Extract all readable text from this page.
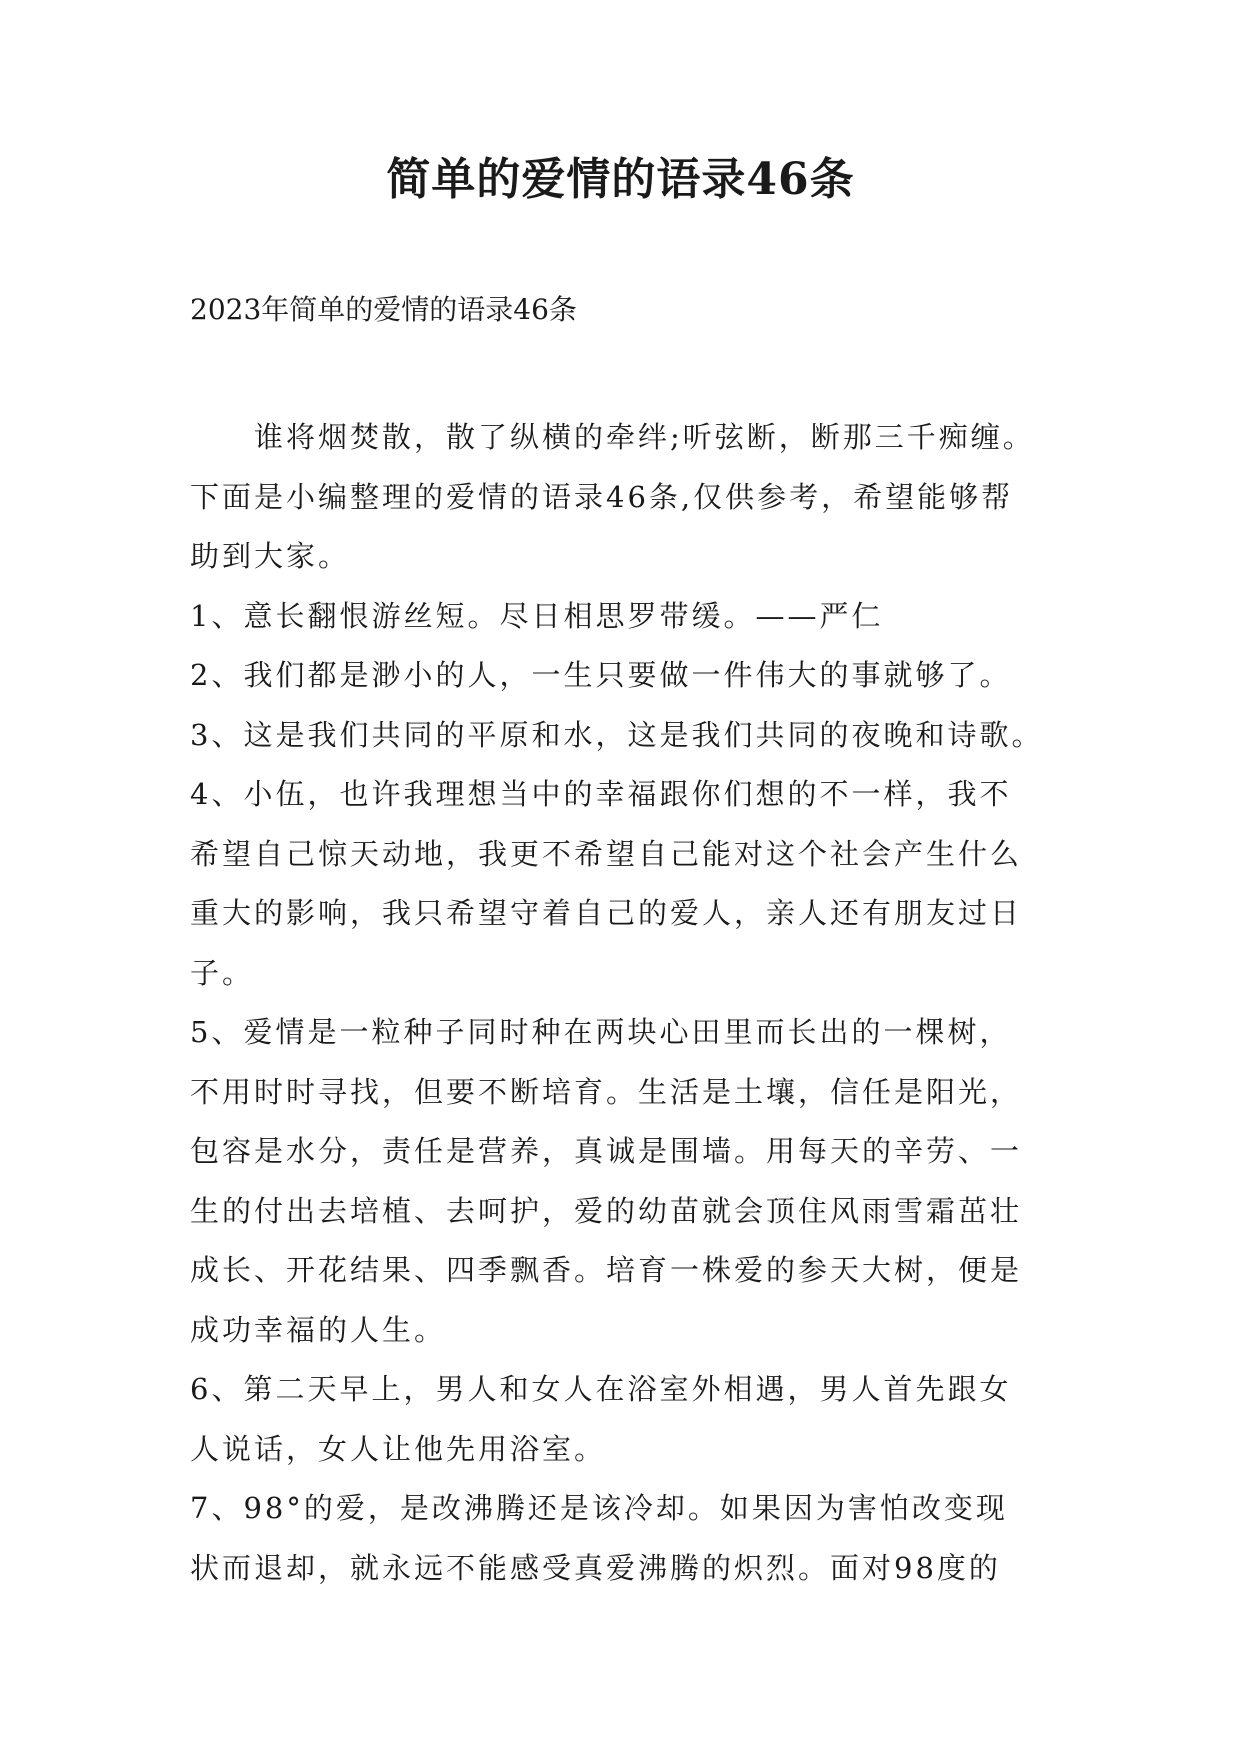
简单的爱情的语录46条
2023年简单的爱情的语录46条
谁将烟焚散，散了纵横的牵绊;听弦断，断那三千痴缠。
下面是小编整理的爱情的语录46条,仅供参考，希望能够帮
助到大家。
1、意长翻恨游丝短。尽日相思罗带缓。——严仁
2、我们都是渺小的人，一生只要做一件伟大的事就够了。
3、这是我们共同的平原和水，这是我们共同的夜晚和诗歌。
4、小伍，也许我理想当中的幸福跟你们想的不一样，我不
希望自己惊天动地，我更不希望自己能对这个社会产生什么
重大的影响，我只希望守着自己的爱人，亲人还有朋友过日
子。
5、爱情是一粒种子同时种在两块心田里而长出的一棵树，
不用时时寻找，但要不断培育。生活是土壤，信任是阳光，
包容是水分，责任是营养，真诚是围墙。用每天的辛劳、一
生的付出去培植、去呵护，爱的幼苗就会顶住风雨雪霜茁壮
成长、开花结果、四季飘香。培育一株爱的参天大树，便是
成功幸福的人生。
6、第二天早上，男人和女人在浴室外相遇，男人首先跟女
人说话，女人让他先用浴室。
7、98°的爱，是改沸腾还是该冷却。如果因为害怕改变现
状而退却，就永远不能感受真爱沸腾的炽烈。面对98度的
